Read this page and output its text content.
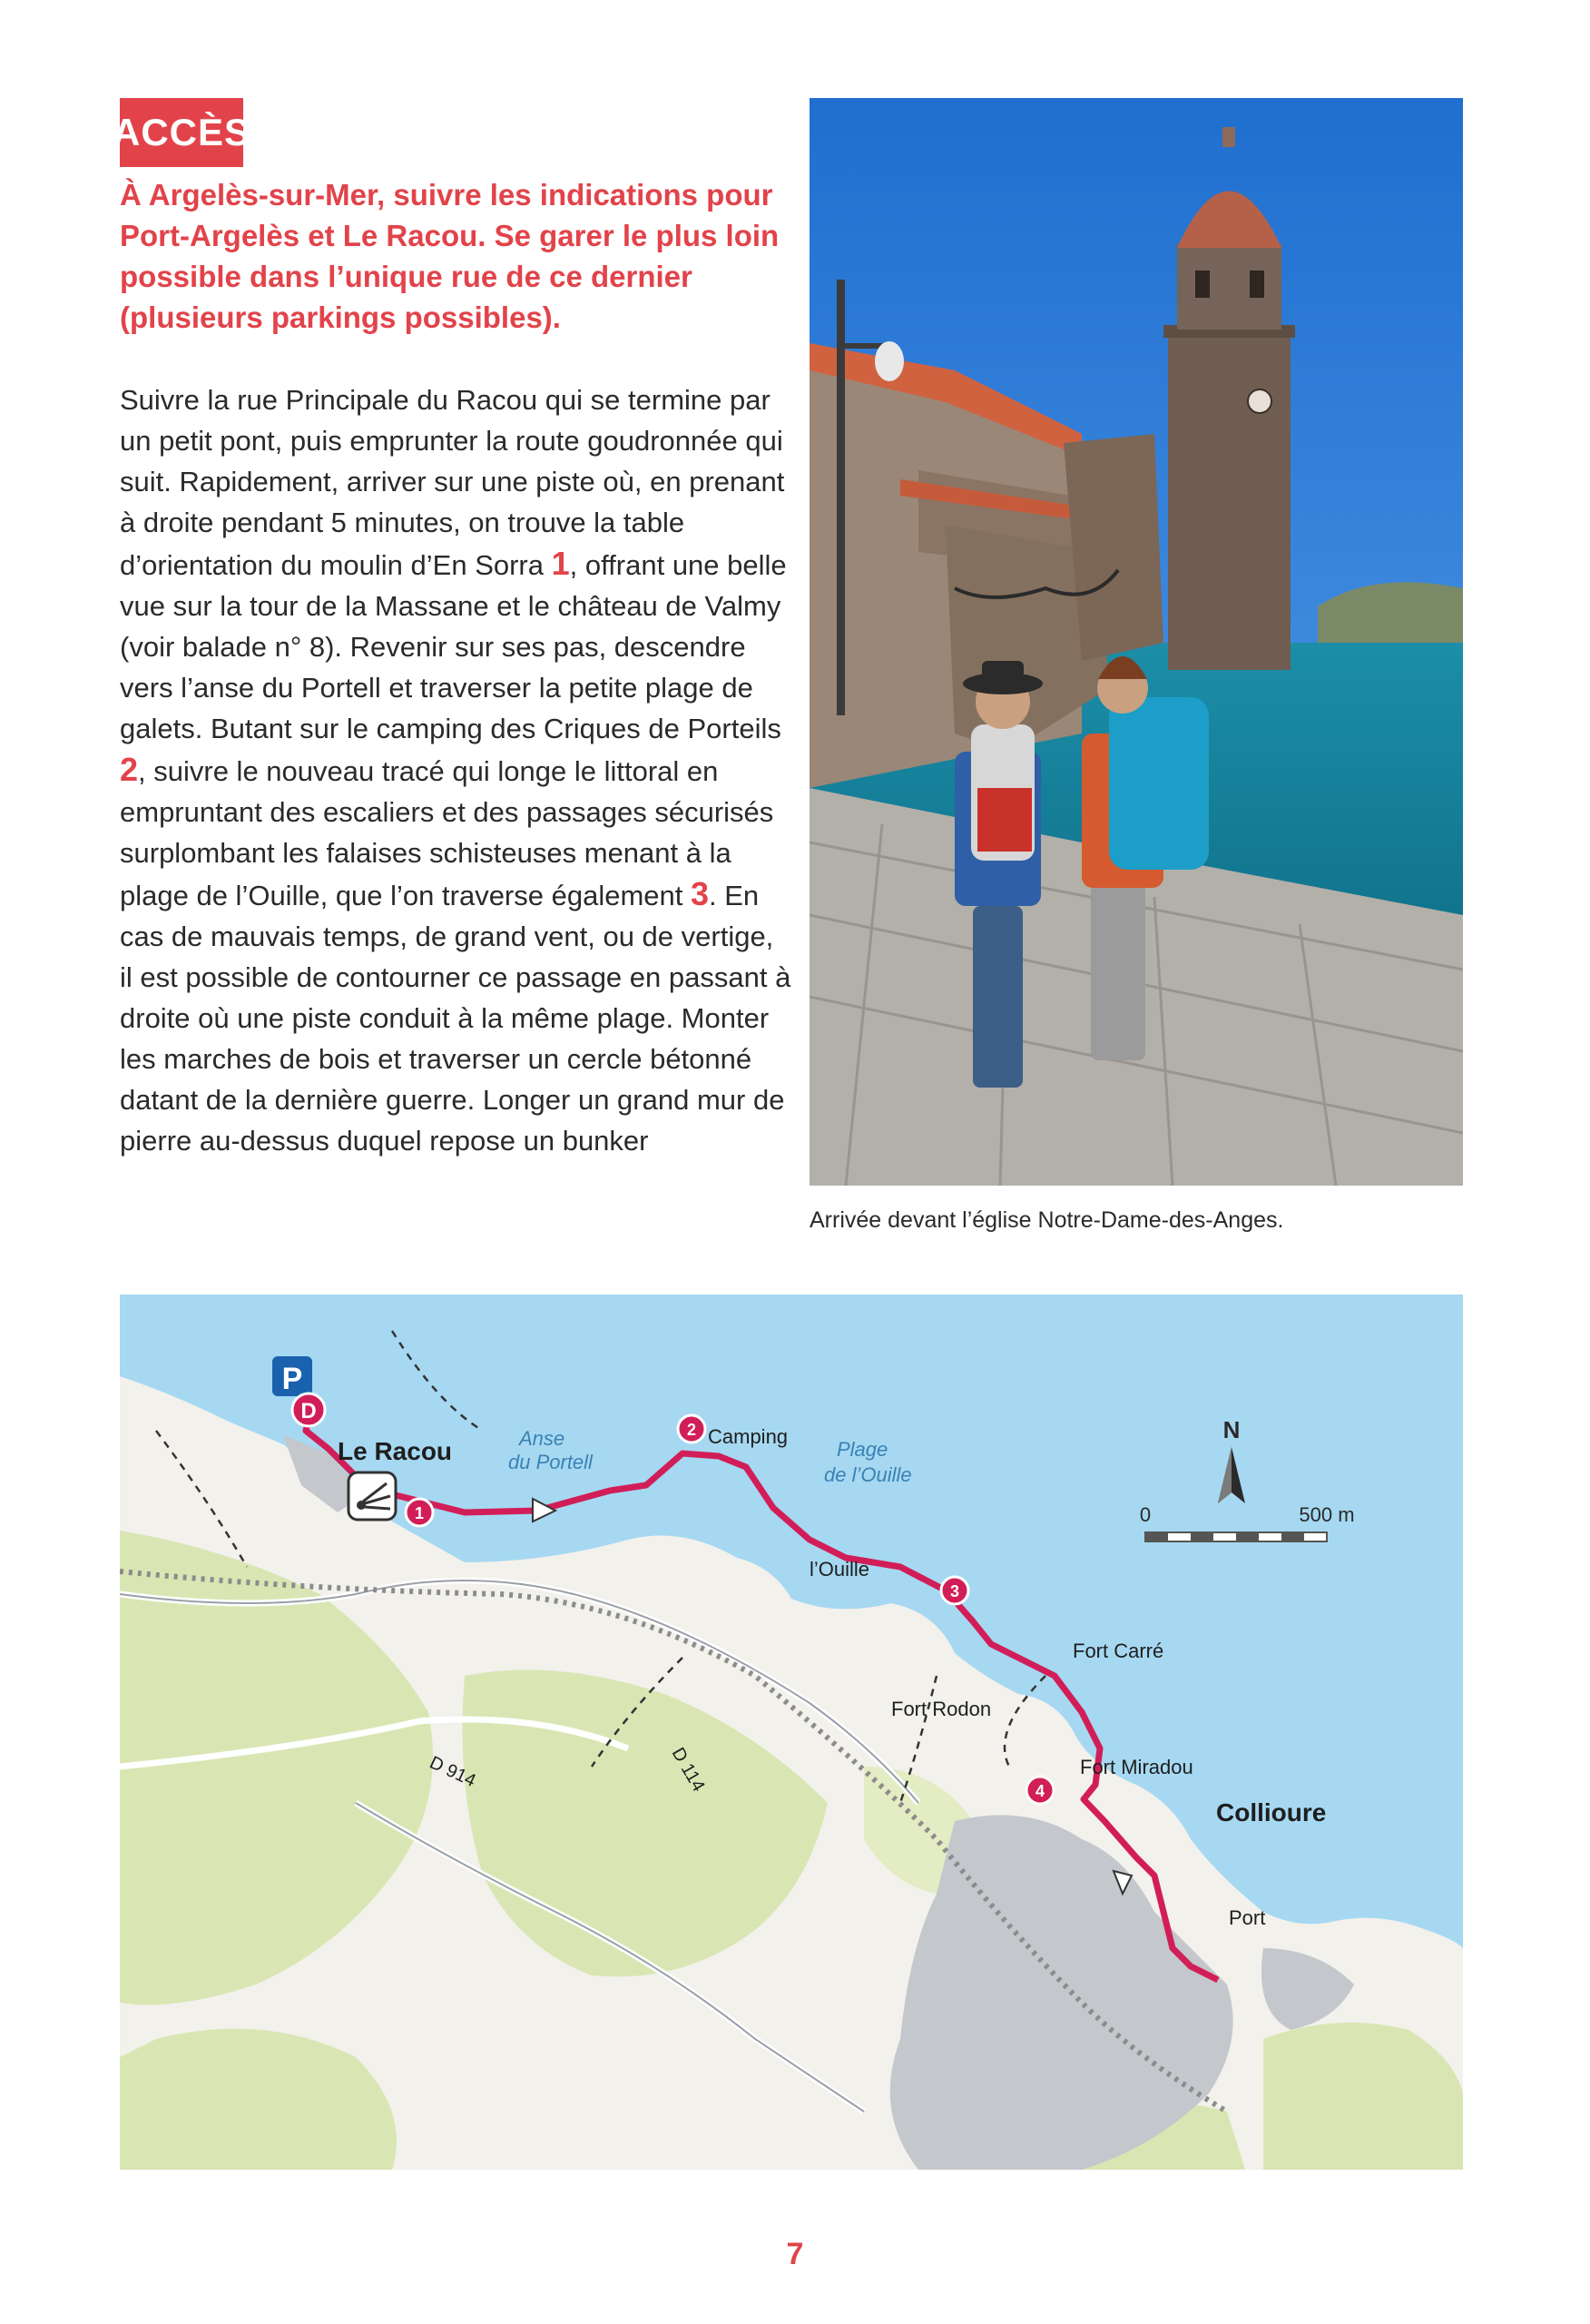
ACCÈS

À Argelès-sur-Mer, suivre les indications pour Port-Argelès et Le Racou. Se garer le plus loin possible dans l’unique rue de ce dernier (plusieurs parkings possibles).

Suivre la rue Principale du Racou qui se termine par un petit pont, puis emprunter la route goudronnée qui suit. Rapidement, arriver sur une piste où, en prenant à droite pendant 5 minutes, on trouve la table d’orientation du moulin d’En Sorra 1, offrant une belle vue sur la tour de la Massane et le château de Valmy (voir balade n° 8). Revenir sur ses pas, descendre vers l’anse du Portell et traverser la petite plage de galets. Butant sur le camping des Criques de Porteils 2, suivre le nouveau tracé qui longe le littoral en empruntant des escaliers et des passages sécurisés surplombant les falaises schisteuses menant à la plage de l’Ouille, que l’on traverse également 3. En cas de mauvais temps, de grand vent, ou de vertige, il est possible de contourner ce passage en passant à droite où une piste conduit à la même plage. Monter les marches de bois et traverser un cercle bétonné datant de la dernière guerre. Longer un grand mur de pierre au-dessus duquel repose un bunker
Arrivée devant l’église Notre-Dame-des-Anges.
P
D
1
2
3
4
N
0	500 m
Le Racou	Anse
du Portell
Camping
Plage
de l’Ouille
l’Ouille
Fort Carré
Fort Rodon
Fort Miradou
Collioure
Port
D 114
D 914
7
